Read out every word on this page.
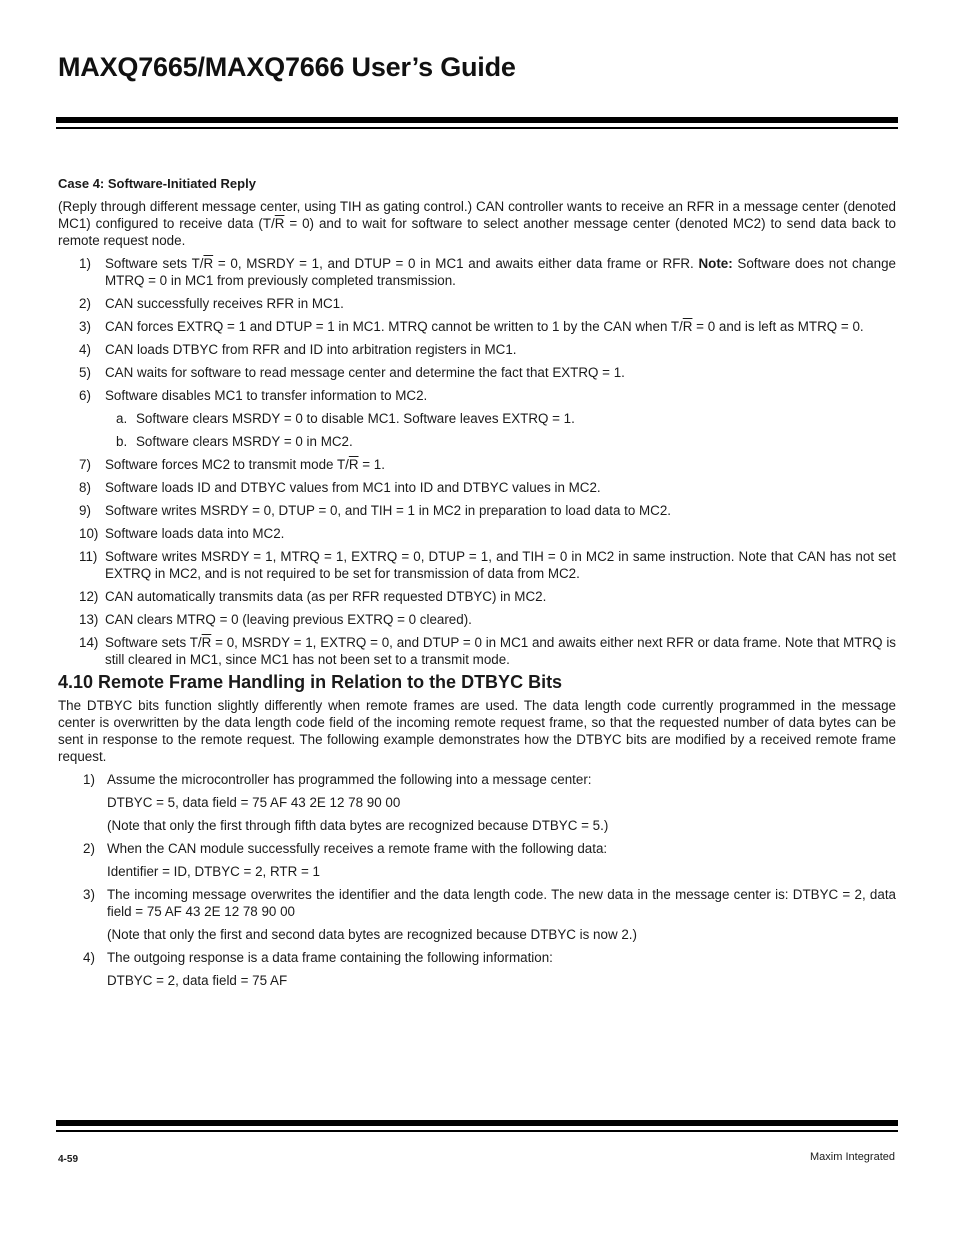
MAXQ7665/MAXQ7666 User’s Guide
Case 4: Software-Initiated Reply

(Reply through different message center, using TIH as gating control.) CAN controller wants to receive an RFR in a message center (denoted MC1) configured to receive data $(T/\overline{R} = 0)$ and to wait for software to select another message center (denoted MC2) to send data back to remote request node.

1)	Software sets $T/\overline{R} = 0$, MSRDY = 1, and DTUP = 0 in MC1 and awaits either data frame or RFR. Note: Software does not change MTRQ = 0 in MC1 from previously completed transmission.
2)	CAN successfully receives RFR in MC1.
3)	CAN forces EXTRQ = 1 and DTUP = 1 in MC1. MTRQ cannot be written to 1 by the CAN when $T/\overline{R} = 0$ and is left as MTRQ = 0.
4)	CAN loads DTBYC from RFR and ID into arbitration registers in MC1.
5)	CAN waits for software to read message center and determine the fact that EXTRQ = 1.
6)	Software disables MC1 to transfer information to MC2.
a. Software clears MSRDY = 0 to disable MC1. Software leaves EXTRQ = 1.
b. Software clears MSRDY = 0 in MC2.
7)	Software forces MC2 to transmit mode $T/\overline{R} = 1$.
8)	Software loads ID and DTBYC values from MC1 into ID and DTBYC values in MC2.
9)	Software writes MSRDY = 0, DTUP = 0, and TIH = 1 in MC2 in preparation to load data to MC2.
10) Software loads data into MC2.
11) Software writes MSRDY = 1, MTRQ = 1, EXTRQ = 0, DTUP = 1, and TIH = 0 in MC2 in same instruction. Note that CAN has not set EXTRQ in MC2, and is not required to be set for transmission of data from MC2.
12) CAN automatically transmits data (as per RFR requested DTBYC) in MC2.
13) CAN clears MTRQ = 0 (leaving previous EXTRQ = 0 cleared).
14) Software sets $T/\overline{R} = 0$, MSRDY = 1, EXTRQ = 0, and DTUP = 0 in MC1 and awaits either next RFR or data frame. Note that MTRQ is still cleared in MC1, since MC1 has not been set to a transmit mode.
4.10 Remote Frame Handling in Relation to the DTBYC Bits

The DTBYC bits function slightly differently when remote frames are used. The data length code currently programmed in the message center is overwritten by the data length code field of the incoming remote request frame, so that the requested number of data bytes can be sent in response to the remote request. The following example demonstrates how the DTBYC bits are modified by a received remote frame request.

1) Assume the microcontroller has programmed the following into a message center:
DTBYC = 5, data field = 75 AF 43 2E 12 78 90 00
(Note that only the first through fifth data bytes are recognized because DTBYC = 5.)
2) When the CAN module successfully receives a remote frame with the following data:
Identifier = ID, DTBYC = 2, RTR = 1
3) The incoming message overwrites the identifier and the data length code. The new data in the message center is: DTBYC = 2, data field = 75 AF 43 2E 12 78 90 00
(Note that only the first and second data bytes are recognized because DTBYC is now 2.)
4) The outgoing response is a data frame containing the following information:
DTBYC = 2, data field = 75 AF
4-59	Maxim Integrated
